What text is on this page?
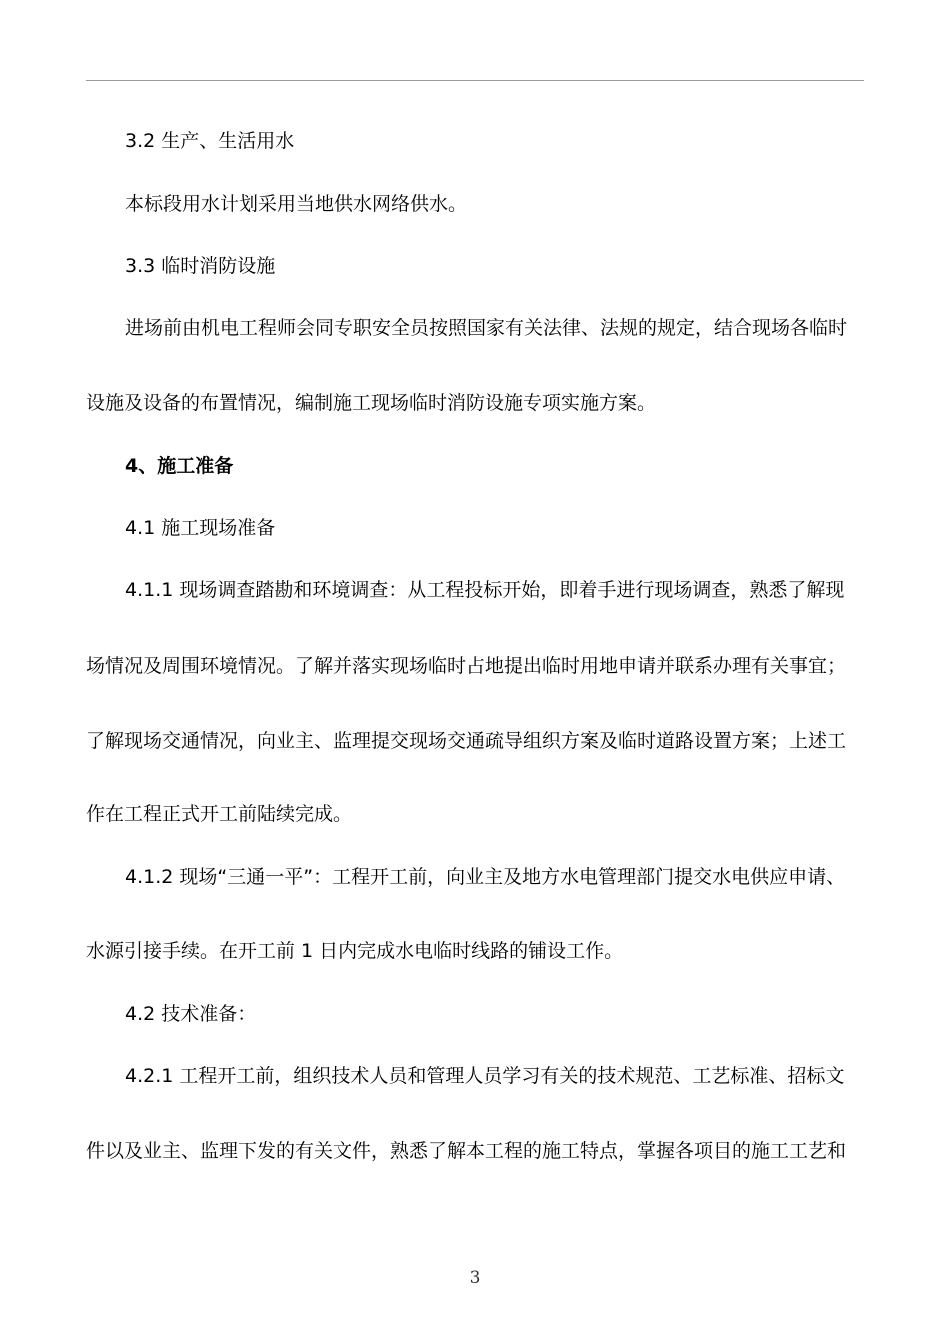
3.2 生产、生活用水
本标段用水计划采用当地供水网络供水。
3.3 临时消防设施
进场前由机电工程师会同专职安全员按照国家有关法律、法规的规定，结合现场各临时
设施及设备的布置情况，编制施工现场临时消防设施专项实施方案。
4、施工准备
4.1 施工现场准备
4.1.1 现场调查踏勘和环境调查：从工程投标开始，即着手进行现场调查，熟悉了解现
场情况及周围环境情况。了解并落实现场临时占地提出临时用地申请并联系办理有关事宜；
了解现场交通情况，向业主、监理提交现场交通疏导组织方案及临时道路设置方案；上述工
作在工程正式开工前陆续完成。
4.1.2 现场“三通一平”：工程开工前，向业主及地方水电管理部门提交水电供应申请、
水源引接手续。在开工前 1 日内完成水电临时线路的铺设工作。
4.2 技术准备：
4.2.1 工程开工前，组织技术人员和管理人员学习有关的技术规范、工艺标准、招标文
件以及业主、监理下发的有关文件，熟悉了解本工程的施工特点，掌握各项目的施工工艺和
3
